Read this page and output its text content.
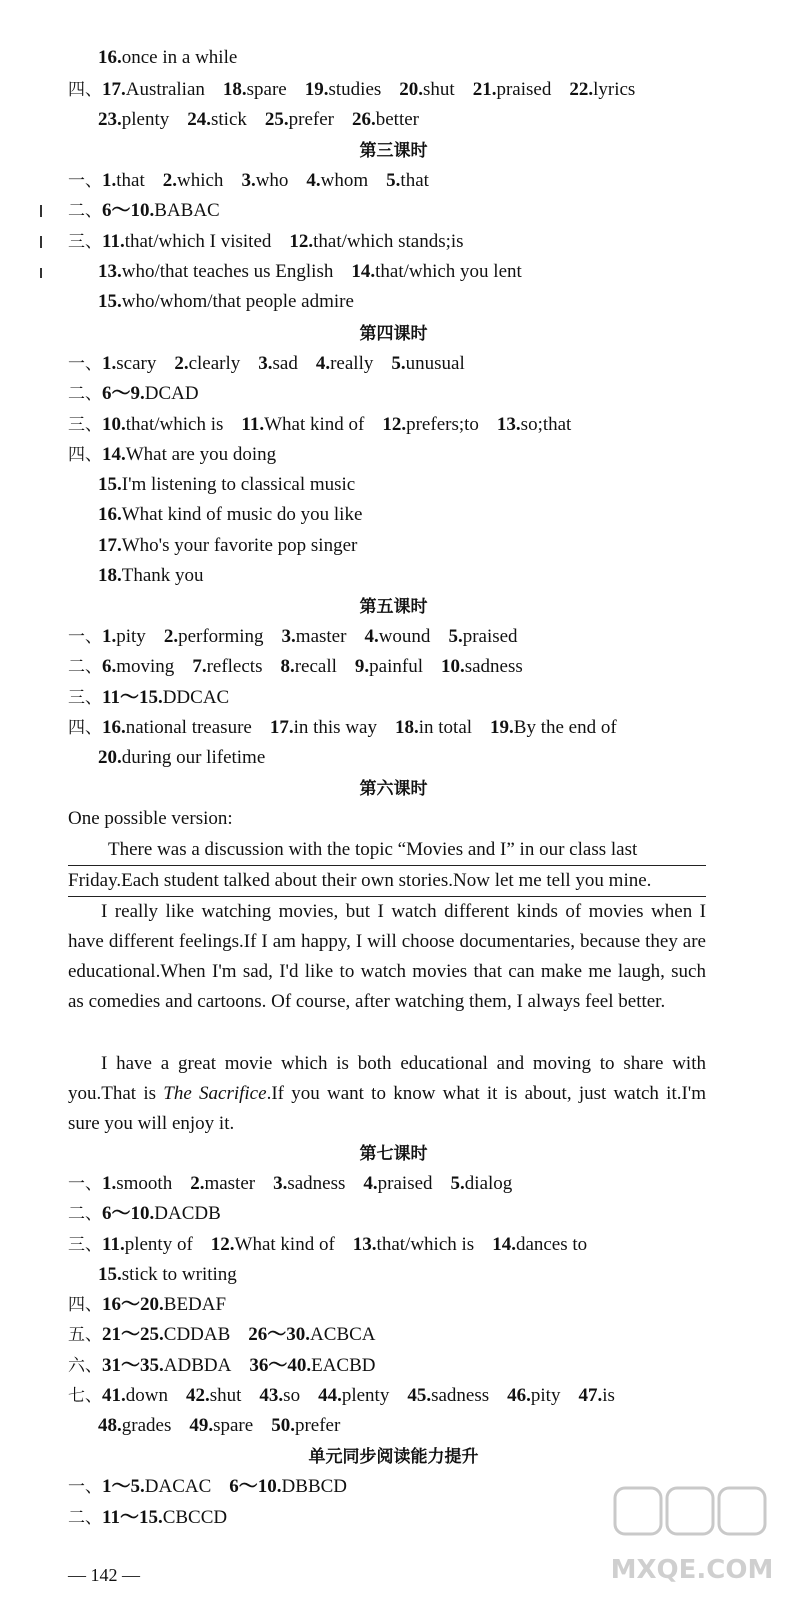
16.once in a while
四、17.Australian 18.spare 19.studies 20.shut 21.praised 22.lyrics
23.plenty 24.stick 25.prefer 26.better
一、1.that 2.which 3.who 4.whom 5.that
二、6～10.BABAC
三、11.that/which I visited 12.that/which stands;is
13.who/that teaches us English 14.that/which you lent
15.who/whom/that people admire
一、1.scary 2.clearly 3.sad 4.really 5.unusual
二、6～9.DCAD
三、10.that/which is 11.What kind of 12.prefers;to 13.so;that
四、14.What are you doing
15.I'm listening to classical music
16.What kind of music do you like
17.Who's your favorite pop singer
18.Thank you
一、1.pity 2.performing 3.master 4.wound 5.praised
二、6.moving 7.reflects 8.recall 9.painful 10.sadness
三、11～15.DDCAC
四、16.national treasure 17.in this way 18.in total 19.By the end of
20.during our lifetime
一、1.smooth 2.master 3.sadness 4.praised 5.dialog
二、6～10.DACDB
三、11.plenty of 12.What kind of 13.that/which is 14.dances to
15.stick to writing
四、16～20.BEDAF
五、21～25.CDDAB 26～30.ACBCA
六、31～35.ADBDA 36～40.EACBD
七、41.down 42.shut 43.so 44.plenty 45.sadness 46.pity 47.is
48.grades 49.spare 50.prefer
一、1～5.DACAC 6～10.DBBCD
二、11～15.CBCCD
第三课时
第四课时
第五课时
第六课时
第七课时
单元同步阅读能力提升
One possible version:
There was a discussion with the topic “Movies and I” in our class last
Friday.Each student talked about their own stories.Now let me tell you mine.

I really like watching movies, but I watch different kinds of movies when I have different feelings.If I am happy, I will choose documentaries, because they are educational.When I'm sad, I'd like to watch movies that can make me laugh, such as comedies and cartoons. Of course, after watching them, I always feel better.

I have a great movie which is both educational and moving to share with you.That is The Sacrifice.If you want to know what it is about, just watch it.I'm sure you will enjoy it.

— 142 —	MXQE.COM
